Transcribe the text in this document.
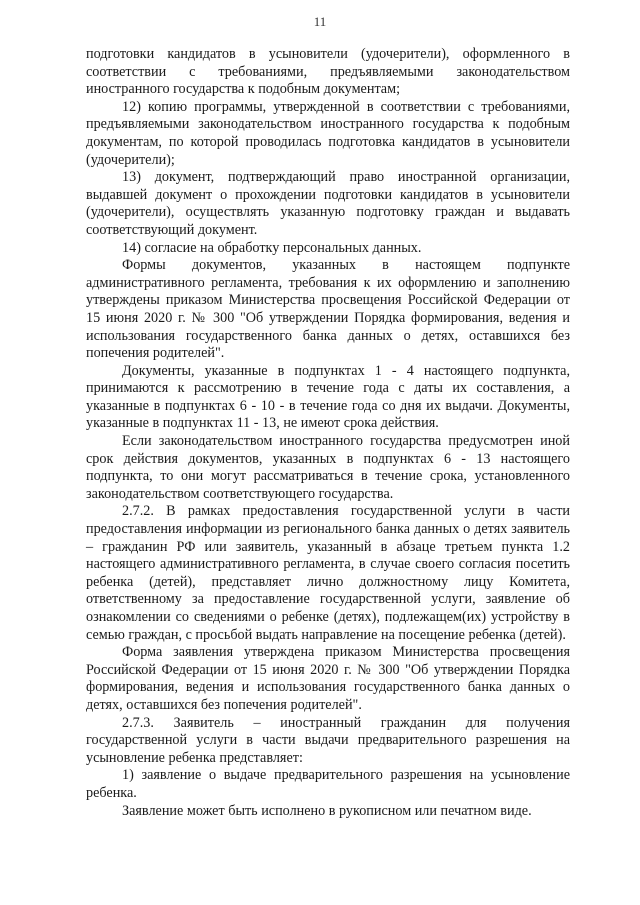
11

подготовки кандидатов в усыновители (удочерители), оформленного в соответствии с требованиями, предъявляемыми законодательством иностранного государства к подобным документам;

12) копию программы, утвержденной в соответствии с требованиями, предъявляемыми законодательством иностранного государства к подобным документам, по которой проводилась подготовка кандидатов в усыновители (удочерители);

13) документ, подтверждающий право иностранной организации, выдавшей документ о прохождении подготовки кандидатов в усыновители (удочерители), осуществлять указанную подготовку граждан и выдавать соответствующий документ.

14) согласие на обработку персональных данных.

Формы документов, указанных в настоящем подпункте административного регламента, требования к их оформлению и заполнению утверждены приказом Министерства просвещения Российской Федерации от 15 июня 2020 г. № 300 "Об утверждении Порядка формирования, ведения и использования государственного банка данных о детях, оставшихся без попечения родителей".

Документы, указанные в подпунктах 1 - 4 настоящего подпункта, принимаются к рассмотрению в течение года с даты их составления, а указанные в подпунктах 6 - 10 - в течение года со дня их выдачи. Документы, указанные в подпунктах 11 - 13, не имеют срока действия.

Если законодательством иностранного государства предусмотрен иной срок действия документов, указанных в подпунктах 6 - 13 настоящего подпункта, то они могут рассматриваться в течение срока, установленного законодательством соответствующего государства.

2.7.2. В рамках предоставления государственной услуги в части предоставления информации из регионального банка данных о детях заявитель – гражданин РФ или заявитель, указанный в абзаце третьем пункта 1.2 настоящего административного регламента, в случае своего согласия посетить ребенка (детей), представляет лично должностному лицу Комитета, ответственному за предоставление государственной услуги, заявление об ознакомлении со сведениями о ребенке (детях), подлежащем(их) устройству в семью граждан, с просьбой выдать направление на посещение ребенка (детей).

Форма заявления утверждена приказом Министерства просвещения Российской Федерации от 15 июня 2020 г. № 300 "Об утверждении Порядка формирования, ведения и использования государственного банка данных о детях, оставшихся без попечения родителей".

2.7.3. Заявитель – иностранный гражданин для получения государственной услуги в части выдачи предварительного разрешения на усыновление ребенка представляет:

1) заявление о выдаче предварительного разрешения на усыновление ребенка.

Заявление может быть исполнено в рукописном или печатном виде.
